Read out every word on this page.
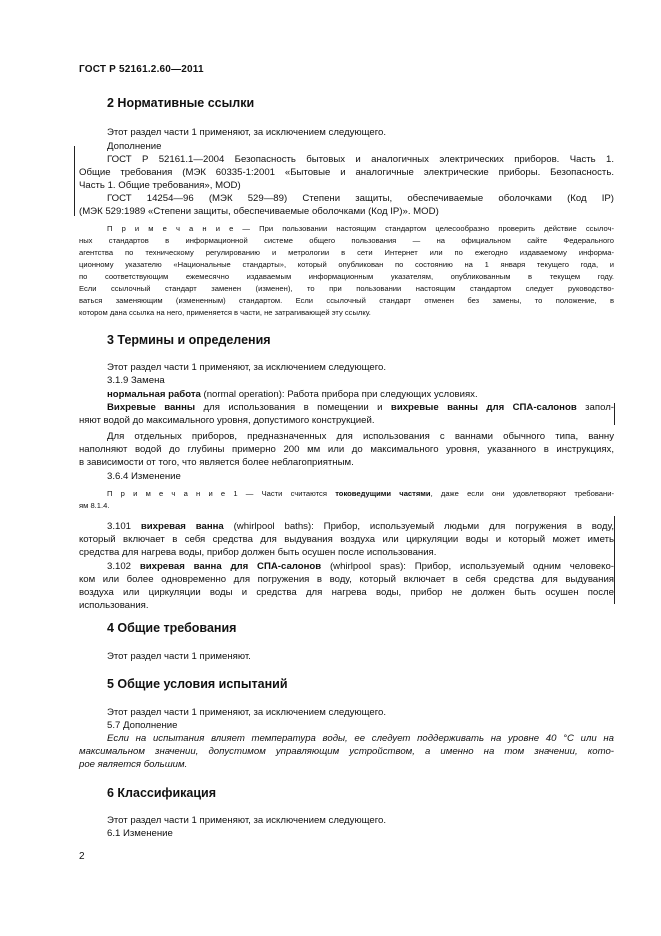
ГОСТ Р 52161.2.60—2011
2 Нормативные ссылки
Этот раздел части 1 применяют, за исключением следующего.
Дополнение
ГОСТ Р 52161.1—2004 Безопасность бытовых и аналогичных электрических приборов. Часть 1.
Общие требования (МЭК 60335-1:2001 «Бытовые и аналогичные электрические приборы. Безопасность.
Часть 1. Общие требования», MOD)
ГОСТ 14254—96 (МЭК 529—89) Степени защиты, обеспечиваемые оболочками (Код IP)
(МЭК 529:1989 «Степени защиты, обеспечиваемые оболочками (Код IP)». MOD)
П р и м е ч а н и е — При пользовании настоящим стандартом целесообразно проверить действие ссылоч-
ных стандартов в информационной системе общего пользования — на официальном сайте Федерального
агентства по техническому регулированию и метрологии в сети Интернет или по ежегодно издаваемому информа-
ционному указателю «Национальные стандарты», который опубликован по состоянию на 1 января текущего года, и
по соответствующим ежемесячно издаваемым информационным указателям, опубликованным в текущем году.
Если ссылочный стандарт заменен (изменен), то при пользовании настоящим стандартом следует руководство-
ваться заменяющим (измененным) стандартом. Если ссылочный стандарт отменен без замены, то положение, в
котором дана ссылка на него, применяется в части, не затрагивающей эту ссылку.
3 Термины и определения
Этот раздел части 1 применяют, за исключением следующего.
3.1.9 Замена
нормальная работа (normal operation): Работа прибора при следующих условиях.
Вихревые ванны для использования в помещении и вихревые ванны для СПА-салонов запол-
няют водой до максимального уровня, допустимого конструкцией.
Для отдельных приборов, предназначенных для использования с ваннами обычного типа, ванну
наполняют водой до глубины примерно 200 мм или до максимального уровня, указанного в инструкциях,
в зависимости от того, что является более неблагоприятным.
3.6.4 Изменение
П р и м е ч а н и е 1 — Части считаются токоведущими частями, даже если они удовлетворяют требовани-
ям 8.1.4.
3.101 вихревая ванна (whirlpool baths): Прибор, используемый людьми для погружения в воду,
который включает в себя средства для выдувания воздуха или циркуляции воды и который может иметь
средства для нагрева воды, прибор должен быть осушен после использования.
3.102 вихревая ванна для СПА-салонов (whirlpool spas): Прибор, используемый одним человеко-
ком или более одновременно для погружения в воду, который включает в себя средства для выдувания
воздуха или циркуляции воды и средства для нагрева воды, прибор не должен быть осушен после
использования.
4 Общие требования
Этот раздел части 1 применяют.
5 Общие условия испытаний
Этот раздел части 1 применяют, за исключением следующего.
5.7 Дополнение
Если на испытания влияет температура воды, ее следует поддерживать на уровне 40 °C или на
максимальном значении, допустимом управляющим устройством, а именно на том значении, кото-
рое является большим.
6 Классификация
Этот раздел части 1 применяют, за исключением следующего.
6.1 Изменение
2
